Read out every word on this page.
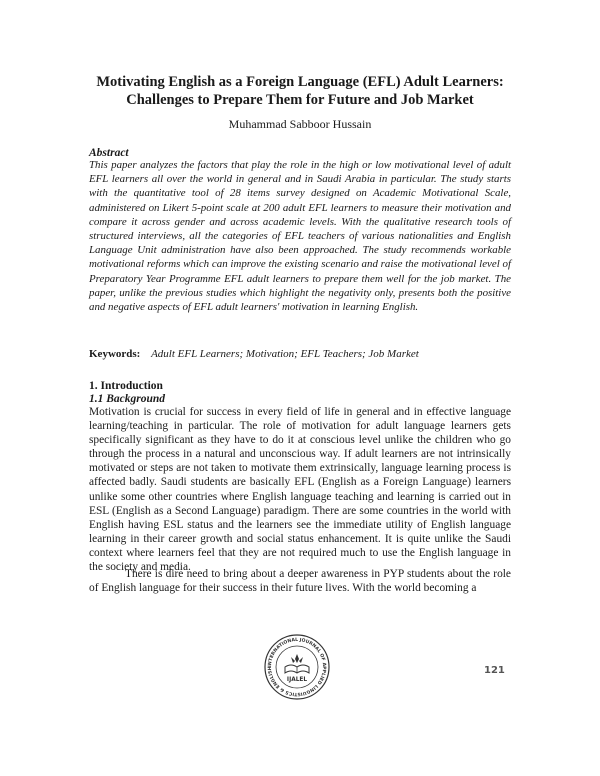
Motivating English as a Foreign Language (EFL) Adult Learners:
Challenges to Prepare Them for Future and Job Market
Muhammad Sabboor Hussain
Abstract

This paper analyzes the factors that play the role in the high or low motivational level of adult EFL learners all over the world in general and in Saudi Arabia in particular. The study starts with the quantitative tool of 28 items survey designed on Academic Motivational Scale, administered on Likert 5-point scale at 200 adult EFL learners to measure their motivation and compare it across gender and across academic levels. With the qualitative research tools of structured interviews, all the categories of EFL teachers of various nationalities and English Language Unit administration have also been approached. The study recommends workable motivational reforms which can improve the existing scenario and raise the motivational level of Preparatory Year Programme EFL adult learners to prepare them well for the job market. The paper, unlike the previous studies which highlight the negativity only, presents both the positive and negative aspects of EFL adult learners' motivation in learning English.

Keywords: Adult EFL Learners; Motivation; EFL Teachers; Job Market
1. Introduction
1.1 Background

Motivation is crucial for success in every field of life in general and in effective language learning/teaching in particular. The role of motivation for adult language learners gets specifically significant as they have to do it at conscious level unlike the children who go through the process in a natural and unconscious way. If adult learners are not intrinsically motivated or steps are not taken to motivate them extrinsically, language learning process is affected badly. Saudi students are basically EFL (English as a Foreign Language) learners unlike some other countries where English language teaching and learning is carried out in ESL (English as a Second Language) paradigm. There are some countries in the world with English having ESL status and the learners see the immediate utility of English language learning in their career growth and social status enhancement. It is quite unlike the Saudi context where learners feel that they are not required much to use the English language in the society and media.

There is dire need to bring about a deeper awareness in PYP students about the role of English language for their success in their future lives. With the world becoming a

INTERNATIONAL JOURNAL OF APPLIED LINGUISTICS & ENGLISH
IJALEL
121
